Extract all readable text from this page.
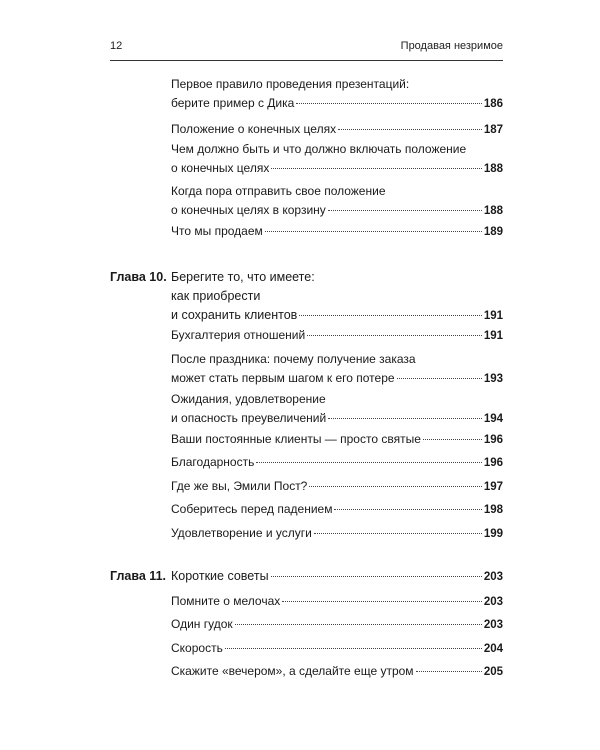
12	Продавая незримое
Первое правило проведения презентаций:
берите пример с Дика	186
Положение о конечных целях	187
Чем должно быть и что должно включать положение
о конечных целях	188
Когда пора отправить свое положение
о конечных целях в корзину	188
Что мы продаем	189
Глава 10. Берегите то, что имеете:
как приобрести
и сохранить клиентов	191
Бухгалтерия отношений	191
После праздника: почему получение заказа
может стать первым шагом к его потере	193
Ожидания, удовлетворение
и опасность преувеличений	194
Ваши постоянные клиенты — просто святые	196
Благодарность	196
Где же вы, Эмили Пост?	197
Соберитесь перед падением	198
Удовлетворение и услуги	199
Глава 11. Короткие советы	203
Помните о мелочах	203
Один гудок	203
Скорость	204
Скажите «вечером», а сделайте еще утром	205
